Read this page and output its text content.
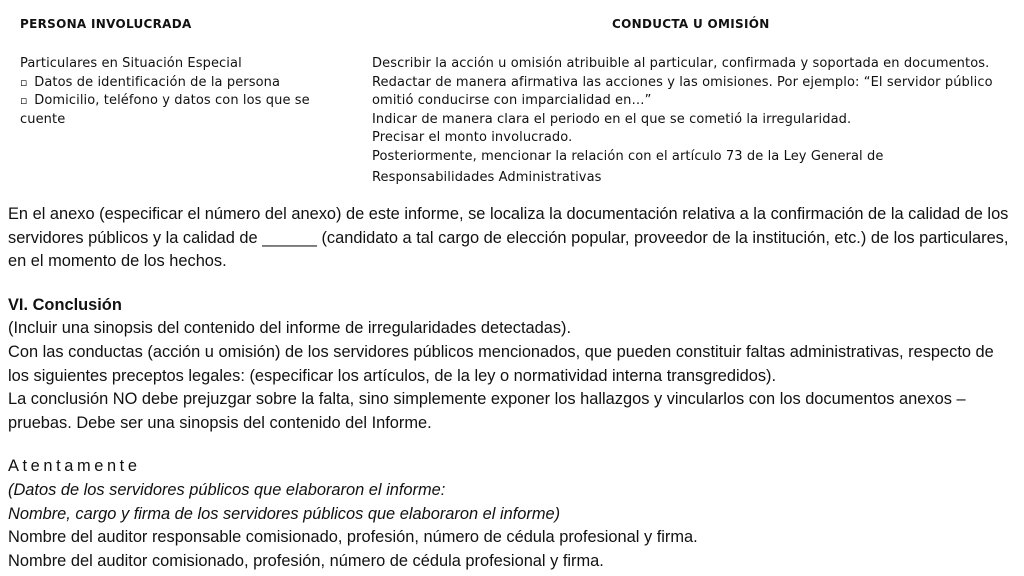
PERSONA INVOLUCRADA	CONDUCTA U OMISIÓN
Particulares en Situación Especial
▫ Datos de identificación de la persona
▫ Domicilio, teléfono y datos con los que se cuente
Describir la acción u omisión atribuible al particular, confirmada y soportada en documentos.
Redactar de manera afirmativa las acciones y las omisiones. Por ejemplo: “El servidor público
omitió conducirse con imparcialidad en…”
Indicar de manera clara el periodo en el que se cometió la irregularidad.
Precisar el monto involucrado.
Posteriormente, mencionar la relación con el artículo 73 de la Ley General de
Responsabilidades Administrativas

En el anexo (especificar el número del anexo) de este informe, se localiza la documentación relativa a la confirmación de la calidad de los servidores públicos y la calidad de ______ (candidato a tal cargo de elección popular, proveedor de la institución, etc.) de los particulares, en el momento de los hechos.

VI. Conclusión

(Incluir una sinopsis del contenido del informe de irregularidades detectadas).

Con las conductas (acción u omisión) de los servidores públicos mencionados, que pueden constituir faltas administrativas, respecto de los siguientes preceptos legales: (especificar los artículos, de la ley o normatividad interna transgredidos).

La conclusión NO debe prejuzgar sobre la falta, sino simplemente exponer los hallazgos y vincularlos con los documentos anexos –pruebas. Debe ser una sinopsis del contenido del Informe.

Atentamente

(Datos de los servidores públicos que elaboraron el informe:

Nombre, cargo y firma de los servidores públicos que elaboraron el informe)

Nombre del auditor responsable comisionado, profesión, número de cédula profesional y firma.

Nombre del auditor comisionado, profesión, número de cédula profesional y firma.
